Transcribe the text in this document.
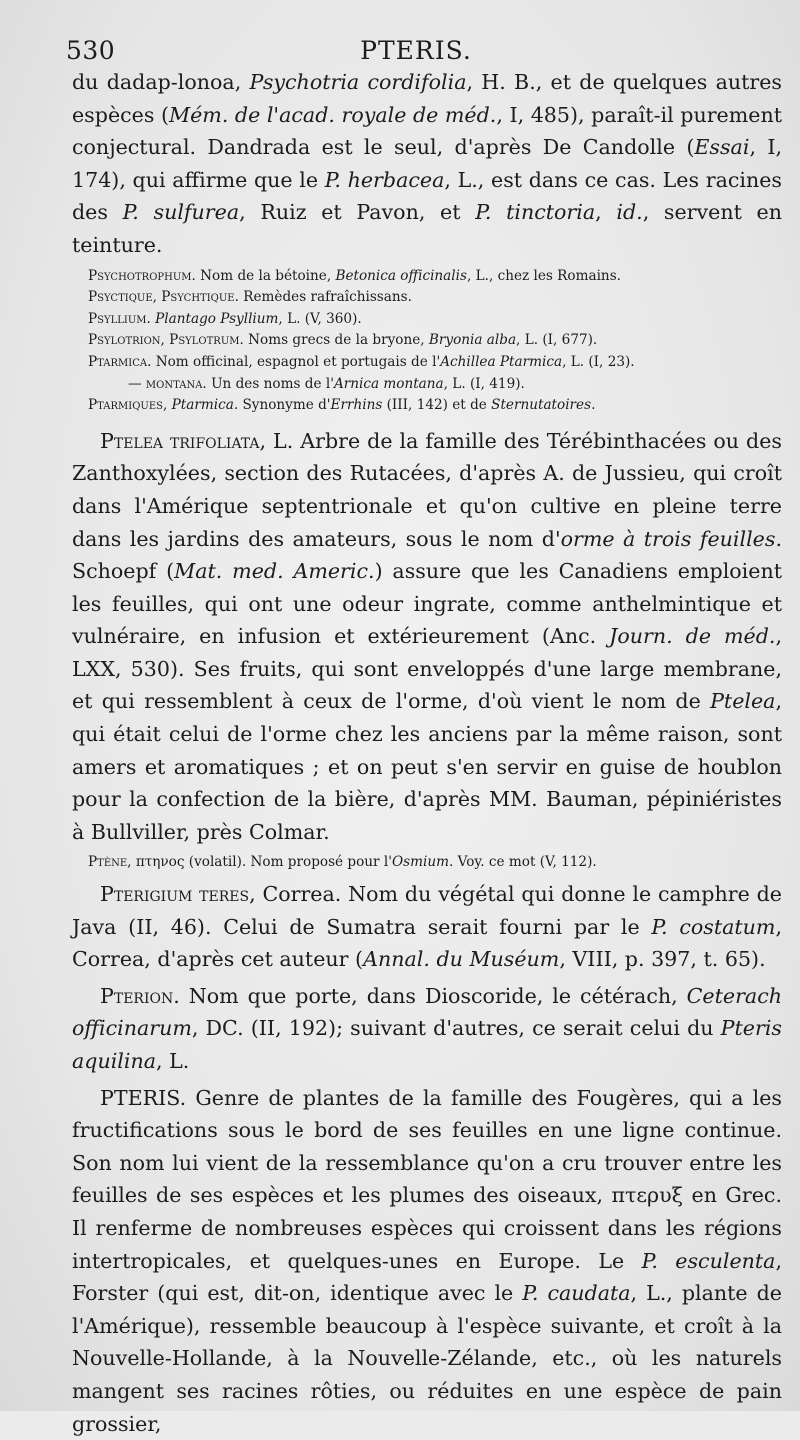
530	PTERIS.

du dadap-lonoa, Psychotria cordifolia, H. B., et de quelques autres espèces (Mém. de l'acad. royale de méd., I, 485), paraît-il purement conjectural. Dandrada est le seul, d'après De Candolle (Essai, I, 174), qui affirme que le P. herbacea, L., est dans ce cas. Les racines des P. sulfurea, Ruiz et Pavon, et P. tinctoria, id., servent en teinture.

Psychotrophum. Nom de la bétoine, Betonica officinalis, L., chez les Romains.

Psyctique, Psychtique. Remèdes rafraîchissans.

Psyllium. Plantago Psyllium, L. (V, 360).

Psylotrion, Psylotrum. Noms grecs de la bryone, Bryonia alba, L. (I, 677).

Ptarmica. Nom officinal, espagnol et portugais de l'Achillea Ptarmica, L. (I, 23).

— montana. Un des noms de l'Arnica montana, L. (I, 419).

Ptarmiques, Ptarmica. Synonyme d'Errhins (III, 142) et de Sternutatoires.

Ptelea trifoliata, L. Arbre de la famille des Térébinthacées ou des Zanthoxylées, section des Rutacées, d'après A. de Jussieu, qui croît dans l'Amérique septentrionale et qu'on cultive en pleine terre dans les jardins des amateurs, sous le nom d'orme à trois feuilles. Schoepf (Mat. med. Americ.) assure que les Canadiens emploient les feuilles, qui ont une odeur ingrate, comme anthelmintique et vulnéraire, en infusion et extérieurement (Anc. Journ. de méd., LXX, 530). Ses fruits, qui sont enveloppés d'une large membrane, et qui ressemblent à ceux de l'orme, d'où vient le nom de Ptelea, qui était celui de l'orme chez les anciens par la même raison, sont amers et aromatiques ; et on peut s'en servir en guise de houblon pour la confection de la bière, d'après MM. Bauman, pépiniéristes à Bullviller, près Colmar.

Ptène, πτηνος (volatil). Nom proposé pour l'Osmium. Voy. ce mot (V, 112).

Pterigium teres, Correa. Nom du végétal qui donne le camphre de Java (II, 46). Celui de Sumatra serait fourni par le P. costatum, Correa, d'après cet auteur (Annal. du Muséum, VIII, p. 397, t. 65).

Pterion. Nom que porte, dans Dioscoride, le cétérach, Ceterach officinarum, DC. (II, 192); suivant d'autres, ce serait celui du Pteris aquilina, L.

PTERIS. Genre de plantes de la famille des Fougères, qui a les fructifications sous le bord de ses feuilles en une ligne continue. Son nom lui vient de la ressemblance qu'on a cru trouver entre les feuilles de ses espèces et les plumes des oiseaux, πτερυξ en Grec. Il renferme de nombreuses espèces qui croissent dans les régions intertropicales, et quelques-unes en Europe. Le P. esculenta, Forster (qui est, dit-on, identique avec le P. caudata, L., plante de l'Amérique), ressemble beaucoup à l'espèce suivante, et croît à la Nouvelle-Hollande, à la Nouvelle-Zélande, etc., où les naturels mangent ses racines rôties, ou réduites en une espèce de pain grossier,
